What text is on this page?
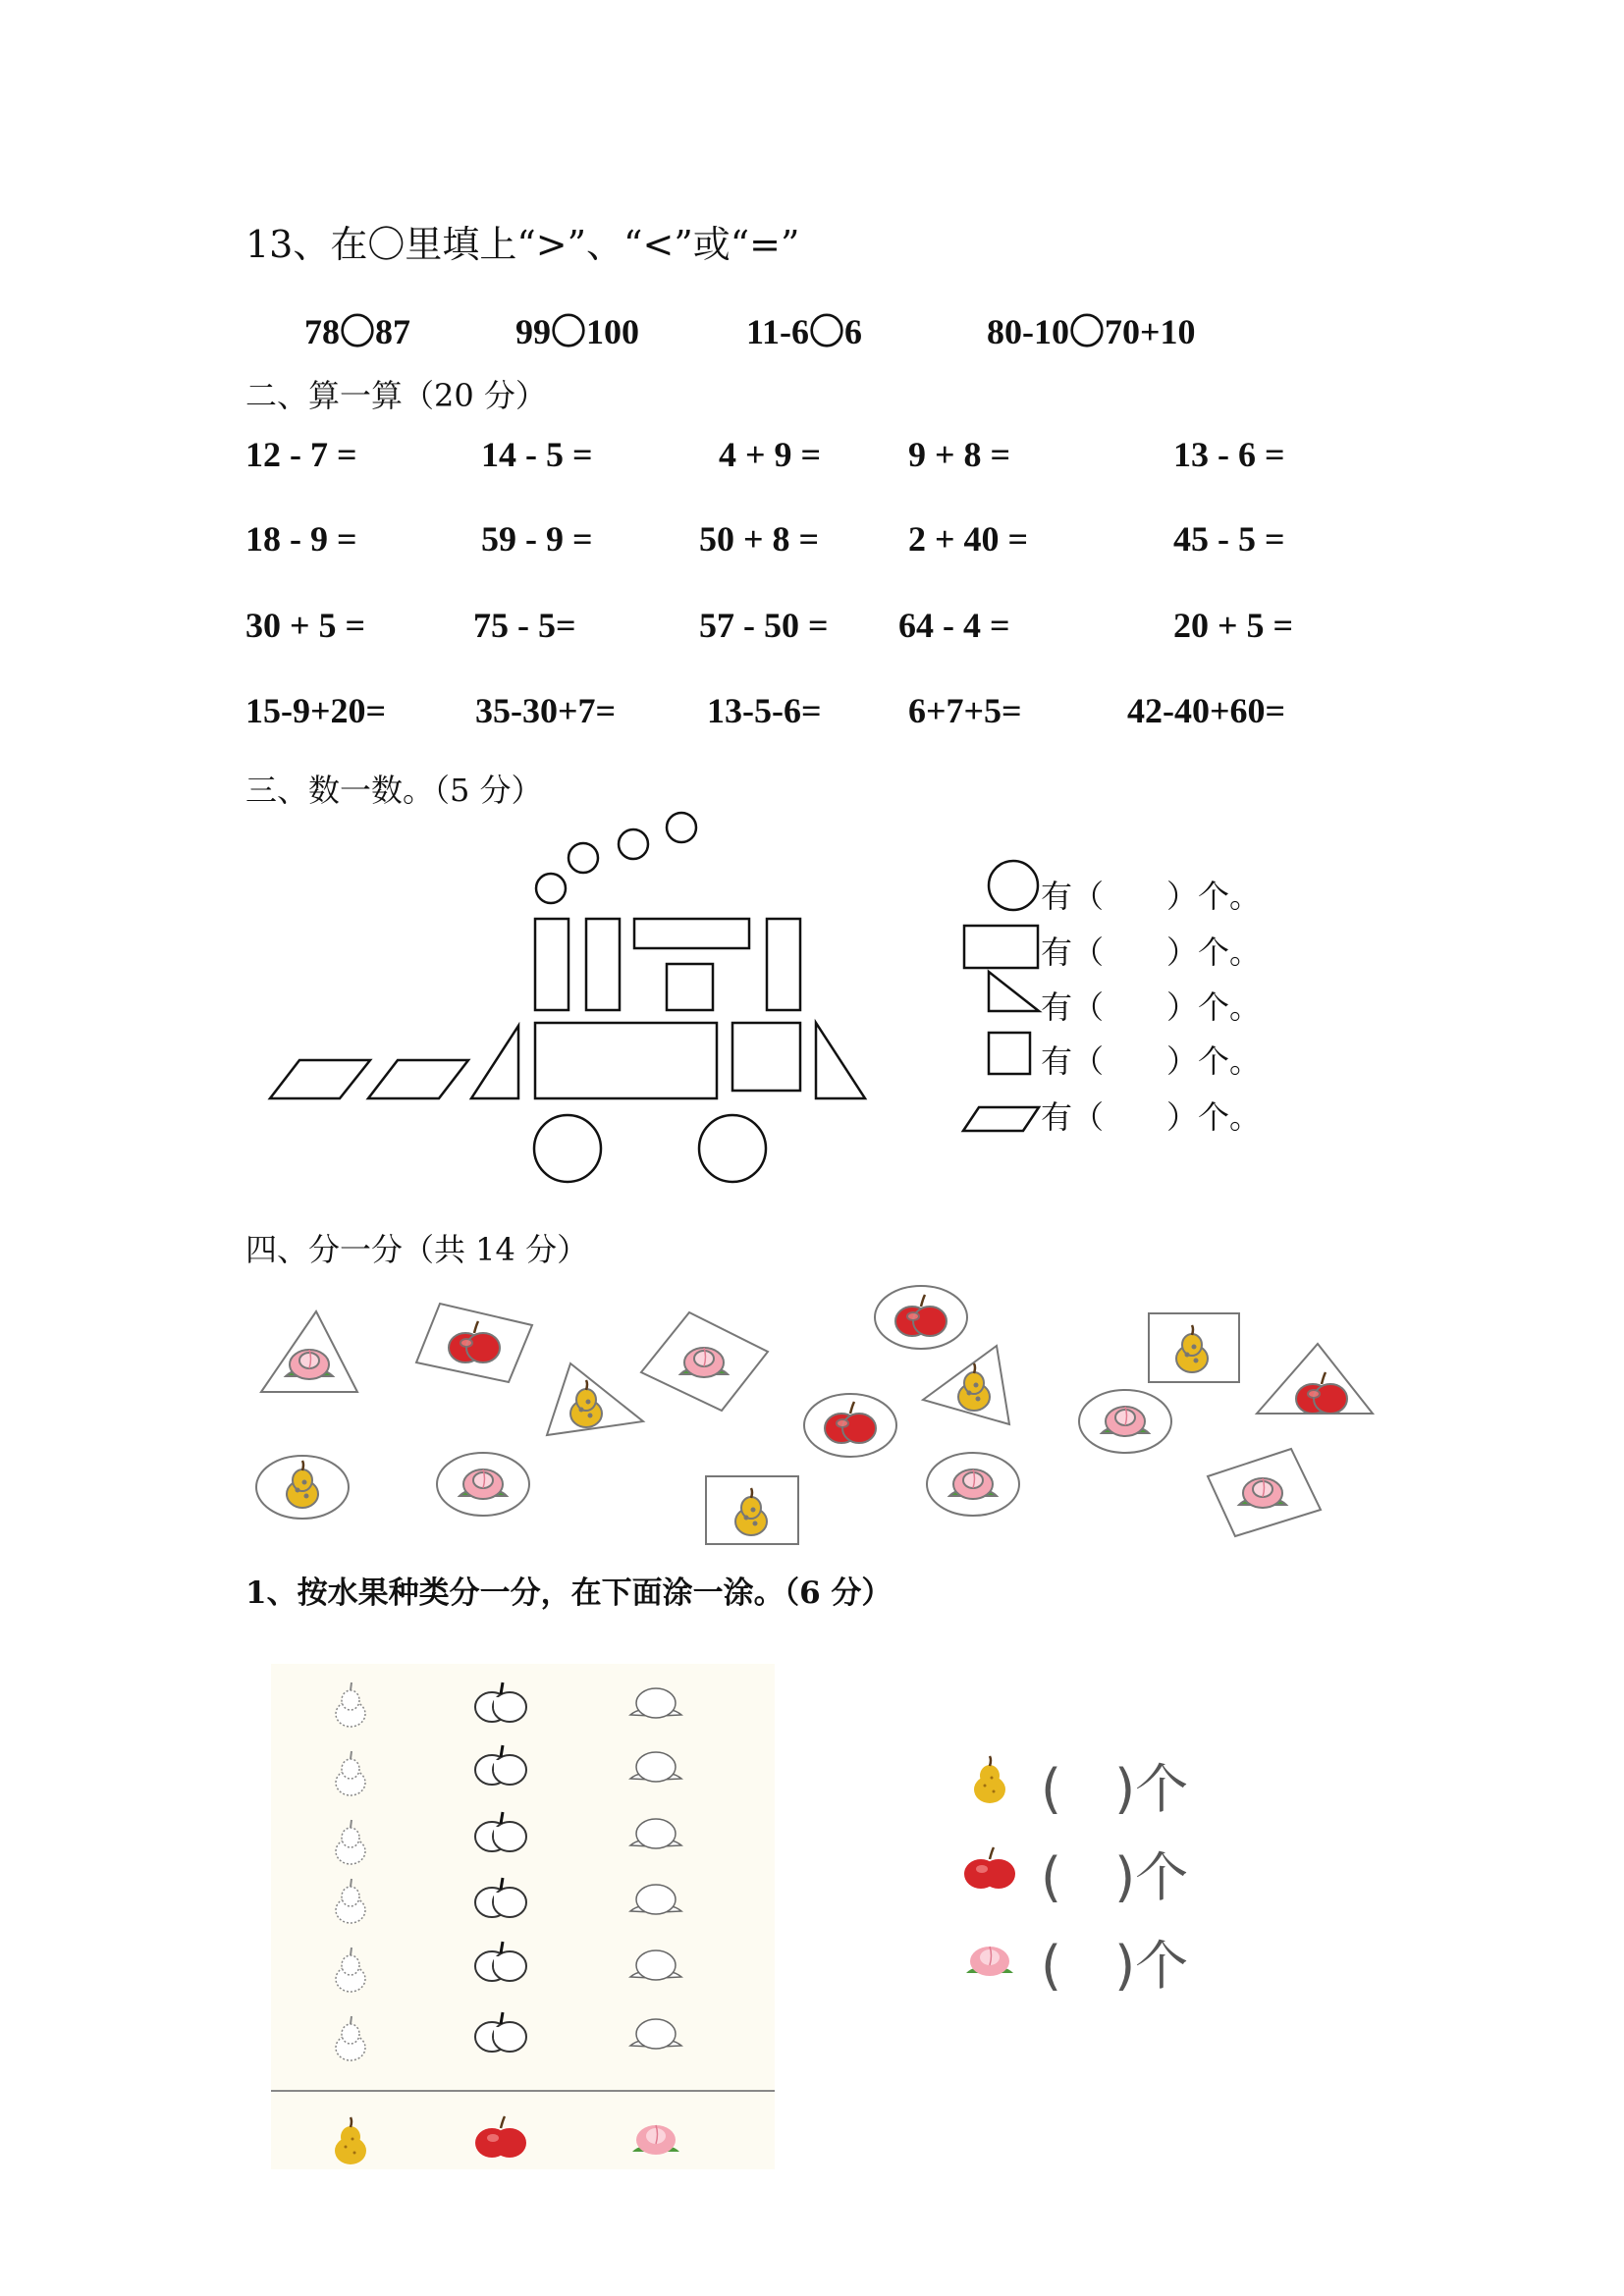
13、在〇里填上“>”、“<”或“=”
78〇87	99〇100	11-6〇6	80-10〇70+10
二、算一算（20 分）
12 - 7 =	14 - 5 =	4 + 9 = 9 + 8 =	13 - 6 =
18 - 9 =	59 - 9 =	50 + 8 =	2 + 40 =	45 - 5 =
30 + 5 =	75 - 5=	57 - 50 = 64 - 4 =	20 + 5 =
15-9+20=	35-30+7=	13-5-6= 6+7+5=	42-40+60=
三、数一数。（5 分）
有（　　）个。
有（　　）个。
有（　　）个。
有（　　）个。
有（　　）个。
四、分一分（共 14 分）
1、按水果种类分一分，在下面涂一涂。（6 分）
(　)个
(　)个
(　)个
